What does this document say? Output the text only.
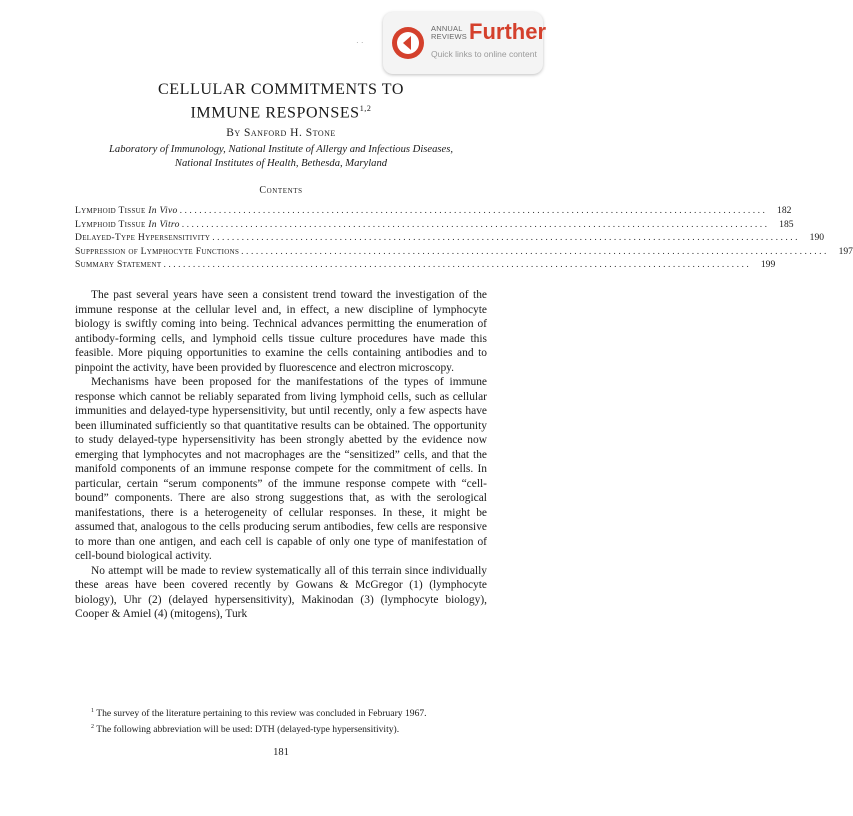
· ·
ANNUAL
REVIEWS Further
Quick links to online content
CELLULAR COMMITMENTS TO
IMMUNE RESPONSES$^{1,2}$
By Sanford H. Stone
Laboratory of Immunology, National Institute of Allergy and Infectious Diseases,
National Institutes of Health, Bethesda, Maryland
Contents
Lymphoid Tissue In Vivo ........................................................................................................................	182
Lymphoid Tissue In Vitro ........................................................................................................................	185
Delayed-Type Hypersensitivity ........................................................................................................................	190
Suppression of Lymphocyte Functions ........................................................................................................................	197
Summary Statement ........................................................................................................................	199

The past several years have seen a consistent trend toward the investigation of the immune response at the cellular level and, in effect, a new discipline of lymphocyte biology is swiftly coming into being. Technical advances permitting the enumeration of antibody-forming cells, and lymphoid cells tissue culture procedures have made this feasible. More piquing opportunities to examine the cells containing antibodies and to pinpoint the activity, have been provided by fluorescence and electron microscopy.

Mechanisms have been proposed for the manifestations of the types of immune response which cannot be reliably separated from living lymphoid cells, such as cellular immunities and delayed-type hypersensitivity, but until recently, only a few aspects have been illuminated sufficiently so that quantitative results can be obtained. The opportunity to study delayed-type hypersensitivity has been strongly abetted by the evidence now emerging that lymphocytes and not macrophages are the “sensitized” cells, and that the manifold components of an immune response compete for the commitment of cells. In particular, certain “serum components” of the immune response compete with “cell-bound” components. There are also strong suggestions that, as with the serological manifestations, there is a heterogeneity of cellular responses. In these, it might be assumed that, analogous to the cells producing serum antibodies, few cells are responsive to more than one antigen, and each cell is capable of only one type of manifestation of cell-bound biological activity.

No attempt will be made to review systematically all of this terrain since individually these areas have been covered recently by Gowans & McGregor (1) (lymphocyte biology), Uhr (2) (delayed hypersensitivity), Makinodan (3) (lymphocyte biology), Cooper & Amiel (4) (mitogens), Turk

$^1$ The survey of the literature pertaining to this review was concluded in February 1967.

$^2$ The following abbreviation will be used: DTH (delayed-type hypersensitivity).

181
